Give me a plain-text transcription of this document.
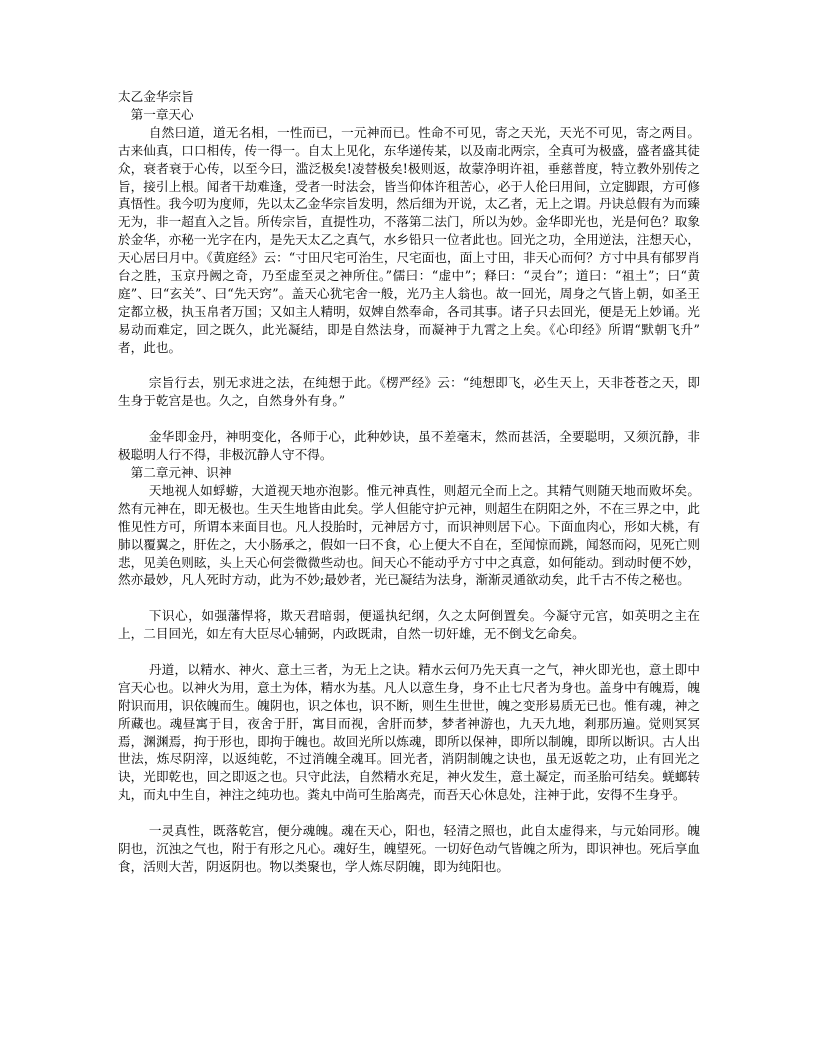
太乙金华宗旨

第一章天心

自然曰道，道无名相，一性而已，一元神而已。性命不可见，寄之天光，天光不可见，寄之两目。古来仙真，口口相传，传一得一。自太上见化，东华递传某，以及南北两宗，全真可为极盛，盛者盛其徒众，衰者衰于心传，以至今曰，滥泛极矣!凌替极矣!极则返，故蒙净明许祖，垂慈普度，特立教外别传之旨，接引上根。闻者干劫难逢，受者一时法会，皆当仰体许租苦心，必于人伦曰用间，立定脚跟，方可修真悟性。我今叨为度师，先以太乙金华宗旨发明，然后细为开说，太乙者，无上之谓。丹诀总假有为而臻无为，非一超直入之旨。所传宗旨，直提性功，不落第二法门，所以为妙。金华即光也，光是何色？取象於金华，亦秘一光字在内，是先天太乙之真气，水乡铅只一位者此也。回光之功，全用逆法，注想天心，天心居曰月中。《黄庭经》云：“寸田尺宅可治生，尺宅面也，面上寸田，非天心而何？方寸中具有郁罗肖台之胜，玉京丹阙之奇，乃至虚至灵之神所住。”儒曰：“虚中”；释曰：“灵台”；道曰：“祖土”；曰“黄庭”、曰“玄关”、曰“先天窍”。盖天心犹宅舍一般，光乃主人翁也。故一回光，周身之气皆上朝，如圣王定都立极，执玉帛者万国；又如主人精明，奴婢自然奉命，各司其事。诸子只去回光，便是无上妙诵。光易动而难定，回之既久，此光凝结，即是自然法身，而凝神于九霄之上矣。《心印经》所谓“默朝飞升”者，此也。

宗旨行去，别无求进之法，在纯想于此。《楞严经》云：“纯想即飞，必生天上，天非苍苍之天，即生身于乾宫是也。久之，自然身外有身。”

金华即金丹，神明变化，各师于心，此种妙诀，虽不差毫末，然而甚活，全要聪明，又须沉静，非极聪明人行不得，非极沉静人守不得。

第二章元神、识神

天地视人如蜉蝣，大道视天地亦泡影。惟元神真性，则超元全而上之。其精气则随天地而败坏矣。然有元神在，即无极也。生天生地皆由此矣。学人但能守护元神，则超生在阴阳之外，不在三界之中，此惟见性方可，所谓本来面目也。凡人投胎时，元神居方寸，而识神则居下心。下面血肉心，形如大桃，有肺以覆翼之，肝佐之，大小肠承之，假如一曰不食，心上便大不自在，至闻惊而跳，闻怒而闷，见死亡则悲，见美色则眩，头上天心何尝微微些动也。间天心不能动乎方寸中之真意，如何能动。到动时便不妙，然亦最妙，凡人死时方动，此为不妙;最妙者，光已凝结为法身，渐渐灵通欲动矣，此千古不传之秘也。

下识心，如强藩悍将，欺天君暗弱，便遥执纪纲，久之太阿倒置矣。今凝守元宫，如英明之主在上，二目回光，如左有大臣尽心辅弼，内政既肃，自然一切奸雄，无不倒戈乞命矣。

丹道，以精水、神火、意土三者，为无上之诀。精水云何乃先天真一之气，神火即光也，意土即中宫天心也。以神火为用，意土为体，精水为基。凡人以意生身，身不止七尺者为身也。盖身中有魄焉，魄附识而用，识依魄而生。魄阴也，识之体也，识不断，则生生世世，魄之变形易质无已也。惟有魂，神之所藏也。魂昼寓于目，夜舍于肝，寓目而视，舍肝而梦，梦者神游也，九天九地，剎那历遍。觉则冥冥焉，渊渊焉，拘于形也，即拘于魄也。故回光所以炼魂，即所以保神，即所以制魄，即所以断识。古人出世法，炼尽阴滓，以返纯乾，不过消魄全魂耳。回光者，消阴制魄之诀也，虽无返乾之功，止有回光之诀，光即乾也，回之即返之也。只守此法，自然精水充足，神火发生，意土凝定，而圣胎可结矣。蜣螂转丸，而丸中生自，神注之纯功也。粪丸中尚可生胎离壳，而吾天心休息处，注神于此，安得不生身乎。

一灵真性，既落乾宫，便分魂魄。魂在天心，阳也，轻清之照也，此自太虚得来，与元始同形。魄阴也，沉浊之气也，附于有形之凡心。魂好生，魄望死。一切好色动气皆魄之所为，即识神也。死后享血食，活则大苦，阴返阴也。物以类聚也，学人炼尽阴魄，即为纯阳也。
